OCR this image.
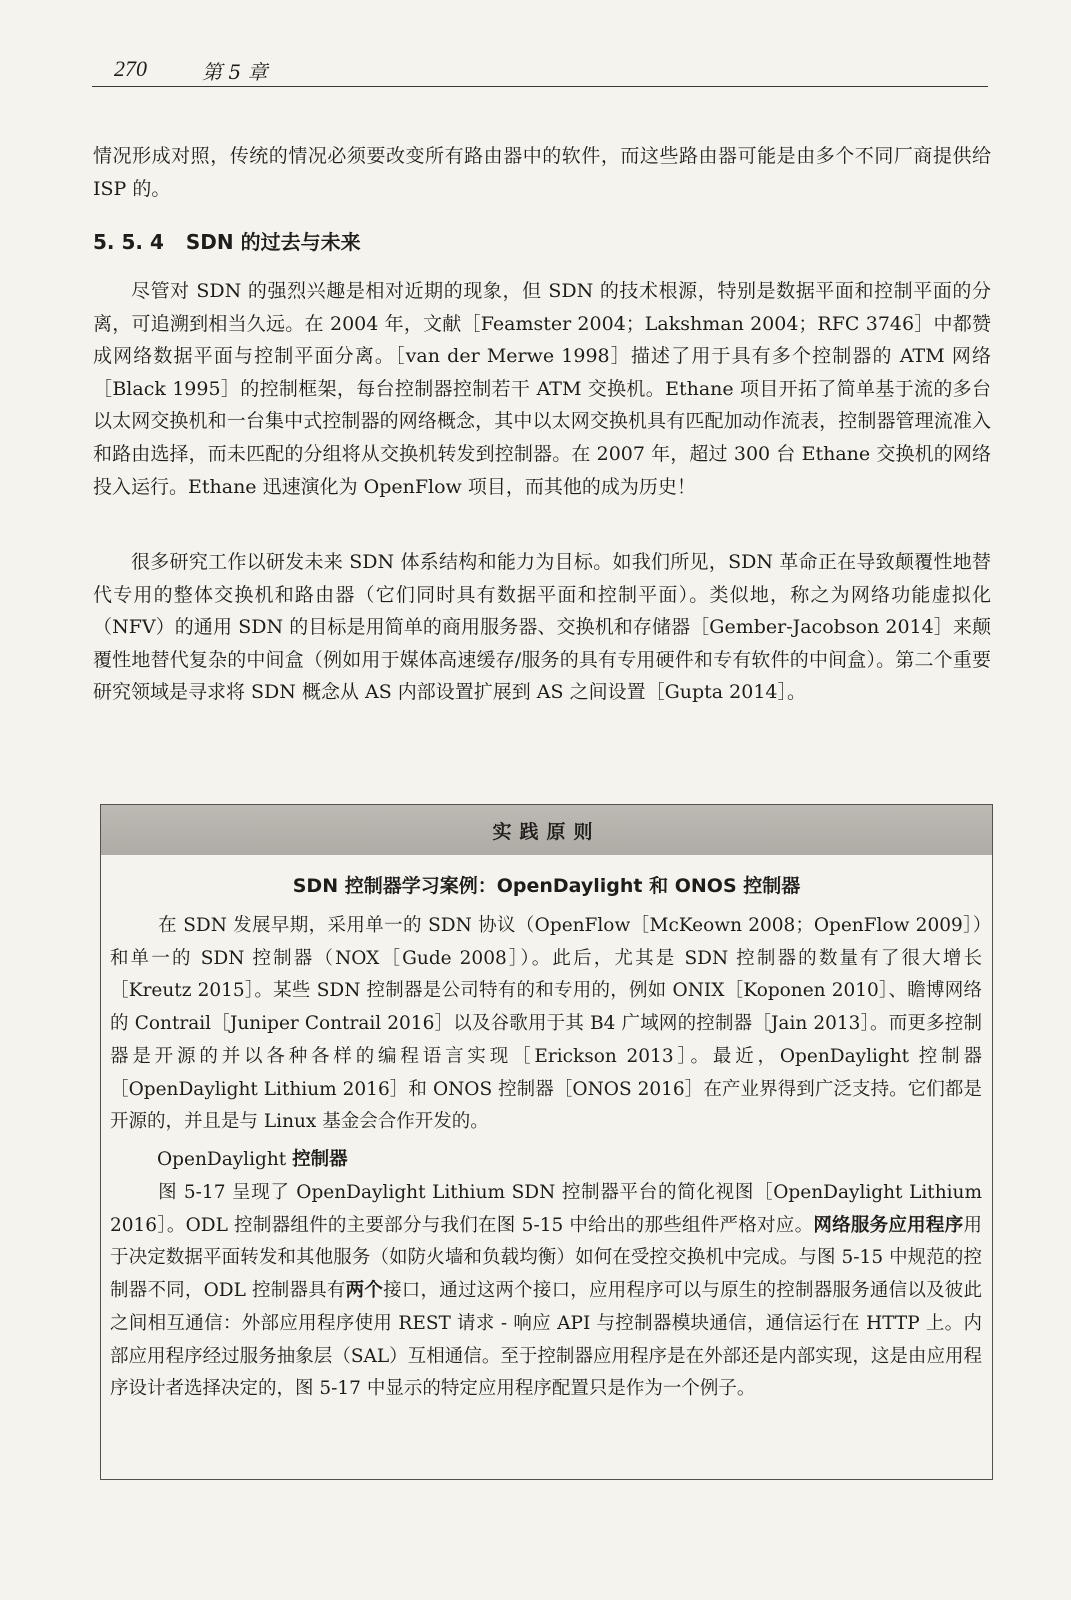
270	第 5 章

情况形成对照，传统的情况必须要改变所有路由器中的软件，而这些路由器可能是由多个不同厂商提供给 ISP 的。

5. 5. 4 SDN 的过去与未来

尽管对 SDN 的强烈兴趣是相对近期的现象，但 SDN 的技术根源，特别是数据平面和控制平面的分离，可追溯到相当久远。在 2004 年，文献［Feamster 2004；Lakshman 2004；RFC 3746］中都赞成网络数据平面与控制平面分离。［van der Merwe 1998］描述了用于具有多个控制器的 ATM 网络［Black 1995］的控制框架，每台控制器控制若干 ATM 交换机。Ethane 项目开拓了简单基于流的多台以太网交换机和一台集中式控制器的网络概念，其中以太网交换机具有匹配加动作流表，控制器管理流准入和路由选择，而未匹配的分组将从交换机转发到控制器。在 2007 年，超过 300 台 Ethane 交换机的网络投入运行。Ethane 迅速演化为 OpenFlow 项目，而其他的成为历史！

很多研究工作以研发未来 SDN 体系结构和能力为目标。如我们所见，SDN 革命正在导致颠覆性地替代专用的整体交换机和路由器（它们同时具有数据平面和控制平面）。类似地，称之为网络功能虚拟化（NFV）的通用 SDN 的目标是用简单的商用服务器、交换机和存储器［Gember-Jacobson 2014］来颠覆性地替代复杂的中间盒（例如用于媒体高速缓存/服务的具有专用硬件和专有软件的中间盒）。第二个重要研究领域是寻求将 SDN 概念从 AS 内部设置扩展到 AS 之间设置［Gupta 2014］。

实践原则
SDN 控制器学习案例：OpenDaylight 和 ONOS 控制器

在 SDN 发展早期，采用单一的 SDN 协议（OpenFlow［McKeown 2008；OpenFlow 2009］）和单一的 SDN 控制器（NOX［Gude 2008］）。此后，尤其是 SDN 控制器的数量有了很大增长［Kreutz 2015］。某些 SDN 控制器是公司特有的和专用的，例如 ONIX［Koponen 2010］、瞻博网络的 Contrail［Juniper Contrail 2016］以及谷歌用于其 B4 广域网的控制器［Jain 2013］。而更多控制器是开源的并以各种各样的编程语言实现［Erickson 2013］。最近，OpenDaylight 控制器［OpenDaylight Lithium 2016］和 ONOS 控制器［ONOS 2016］在产业界得到广泛支持。它们都是开源的，并且是与 Linux 基金会合作开发的。

OpenDaylight 控制器

图 5-17 呈现了 OpenDaylight Lithium SDN 控制器平台的简化视图［OpenDaylight Lithium 2016］。ODL 控制器组件的主要部分与我们在图 5-15 中给出的那些组件严格对应。网络服务应用程序用于决定数据平面转发和其他服务（如防火墙和负载均衡）如何在受控交换机中完成。与图 5-15 中规范的控制器不同，ODL 控制器具有两个接口，通过这两个接口，应用程序可以与原生的控制器服务通信以及彼此之间相互通信：外部应用程序使用 REST 请求 - 响应 API 与控制器模块通信，通信运行在 HTTP 上。内部应用程序经过服务抽象层（SAL）互相通信。至于控制器应用程序是在外部还是内部实现，这是由应用程序设计者选择决定的，图 5-17 中显示的特定应用程序配置只是作为一个例子。
